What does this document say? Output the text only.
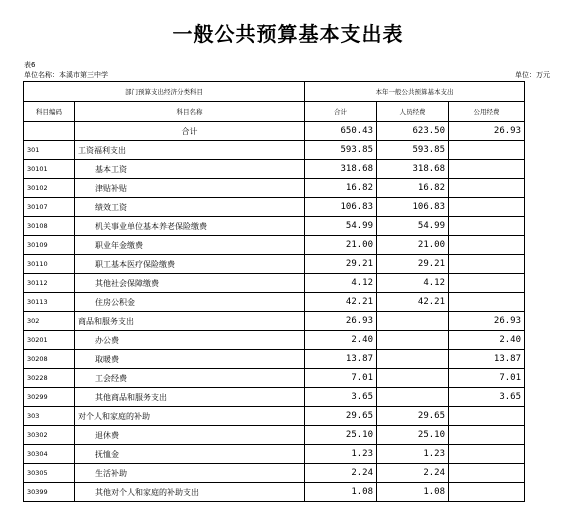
一般公共预算基本支出表
表6
单位名称：本溪市第三中学	单位：万元
部门预算支出经济分类科目		本年一般公共预算基本支出		
科目编码	科目名称	合计	人员经费	公用经费
	合计	650.43	623.50	26.93
301	工资福利支出	593.85	593.85	
30101	基本工资	318.68	318.68	
30102	津贴补贴	16.82	16.82	
30107	绩效工资	106.83	106.83	
30108	机关事业单位基本养老保险缴费	54.99	54.99	
30109	职业年金缴费	21.00	21.00	
30110	职工基本医疗保险缴费	29.21	29.21	
30112	其他社会保障缴费	4.12	4.12	
30113	住房公积金	42.21	42.21	
302	商品和服务支出	26.93		26.93
30201	办公费	2.40		2.40
30208	取暖费	13.87		13.87
30228	工会经费	7.01		7.01
30299	其他商品和服务支出	3.65		3.65
303	对个人和家庭的补助	29.65	29.65	
30302	退休费	25.10	25.10	
30304	抚恤金	1.23	1.23	
30305	生活补助	2.24	2.24	
30399	其他对个人和家庭的补助支出	1.08	1.08	
